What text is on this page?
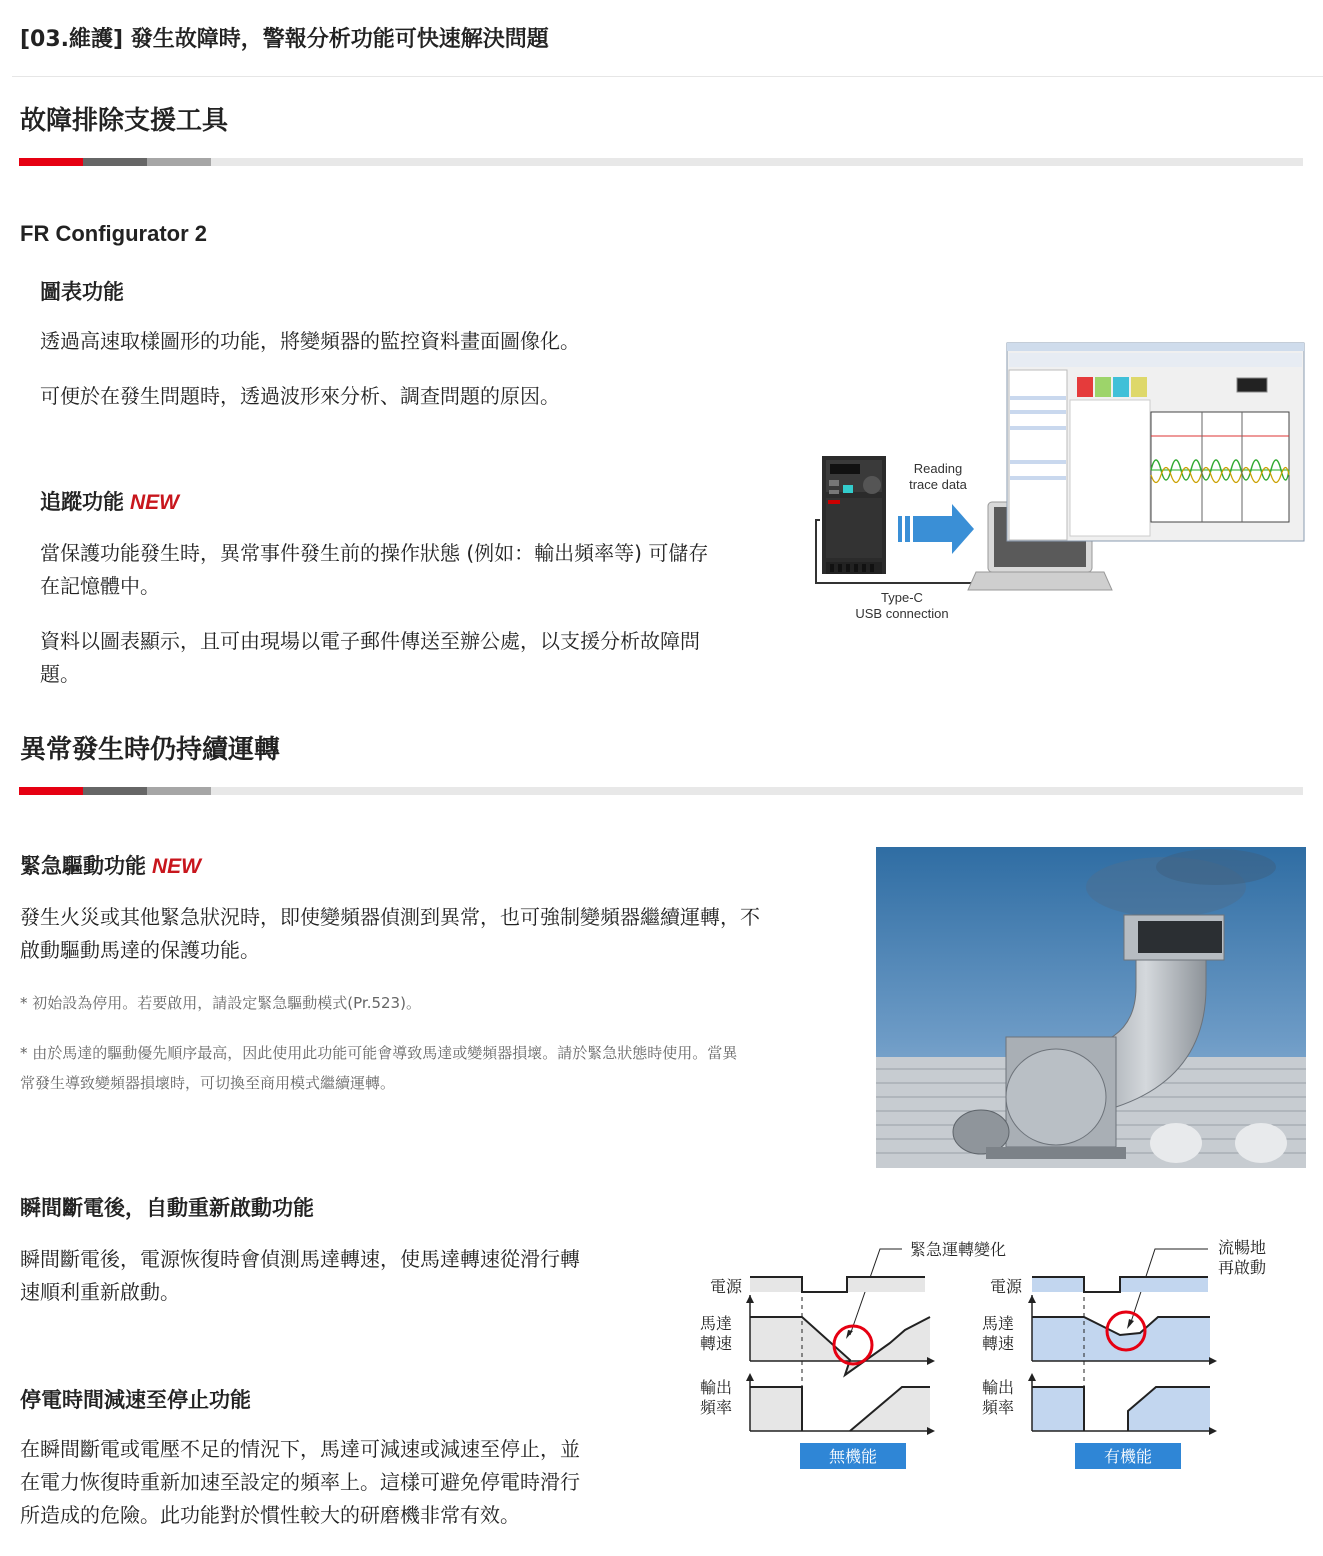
[03.維護] 發生故障時，警報分析功能可快速解決問題
故障排除支援工具
FR Configurator 2
圖表功能
透過高速取樣圖形的功能，將變頻器的監控資料畫面圖像化。
可便於在發生問題時，透過波形來分析、調查問題的原因。
追蹤功能 NEW
當保護功能發生時，異常事件發生前的操作狀態 (例如：輸出頻率等) 可儲存
在記憶體中。
資料以圖表顯示，且可由現場以電子郵件傳送至辦公處，以支援分析故障問
題。
Reading
trace data
Type-C
USB connection
異常發生時仍持續運轉
緊急驅動功能 NEW
發生火災或其他緊急狀況時，即使變頻器偵測到異常，也可強制變頻器繼續運轉，不
啟動驅動馬達的保護功能。
* 初始設為停用。若要啟用，請設定緊急驅動模式(Pr.523)。
* 由於馬達的驅動優先順序最高，因此使用此功能可能會導致馬達或變頻器損壞。請於緊急狀態時使用。當異
常發生導致變頻器損壞時，可切換至商用模式繼續運轉。
瞬間斷電後，自動重新啟動功能
瞬間斷電後，電源恢復時會偵測馬達轉速，使馬達轉速從滑行轉
速順利重新啟動。
停電時間減速至停止功能
在瞬間斷電或電壓不足的情況下，馬達可減速或減速至停止，並
在電力恢復時重新加速至設定的頻率上。這樣可避免停電時滑行
所造成的危險。此功能對於慣性較大的研磨機非常有效。
緊急運轉變化	流暢地
再啟動
電源
馬達
轉速
輸出
頻率
無機能
電源
馬達
轉速
輸出
頻率
有機能
